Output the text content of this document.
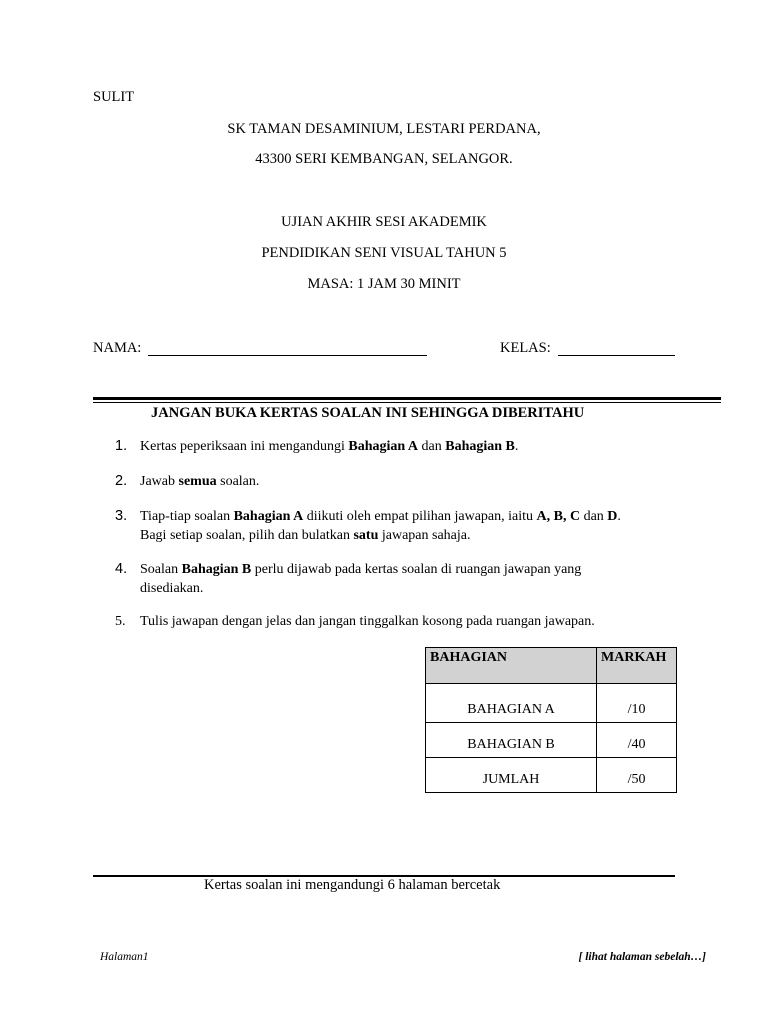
SULIT
SK TAMAN DESAMINIUM, LESTARI PERDANA,
43300 SERI KEMBANGAN, SELANGOR.
UJIAN AKHIR SESI AKADEMIK
PENDIDIKAN SENI VISUAL TAHUN 5
MASA: 1 JAM 30 MINIT
NAMA:	KELAS:
JANGAN BUKA KERTAS SOALAN INI SEHINGGA DIBERITAHU
1. Kertas peperiksaan ini mengandungi Bahagian A dan Bahagian B.
2. Jawab semua soalan.
3. Tiap-tiap soalan Bahagian A diikuti oleh empat pilihan jawapan, iaitu A, B, C dan D.
Bagi setiap soalan, pilih dan bulatkan satu jawapan sahaja.
4. Soalan Bahagian B perlu dijawab pada kertas soalan di ruangan jawapan yang
disediakan.
5. Tulis jawapan dengan jelas dan jangan tinggalkan kosong pada ruangan jawapan.
BAHAGIAN	MARKAH
BAHAGIAN A	/10
BAHAGIAN B	/40
JUMLAH	/50
Kertas soalan ini mengandungi 6 halaman bercetak
Halaman1	[ lihat halaman sebelah…]
